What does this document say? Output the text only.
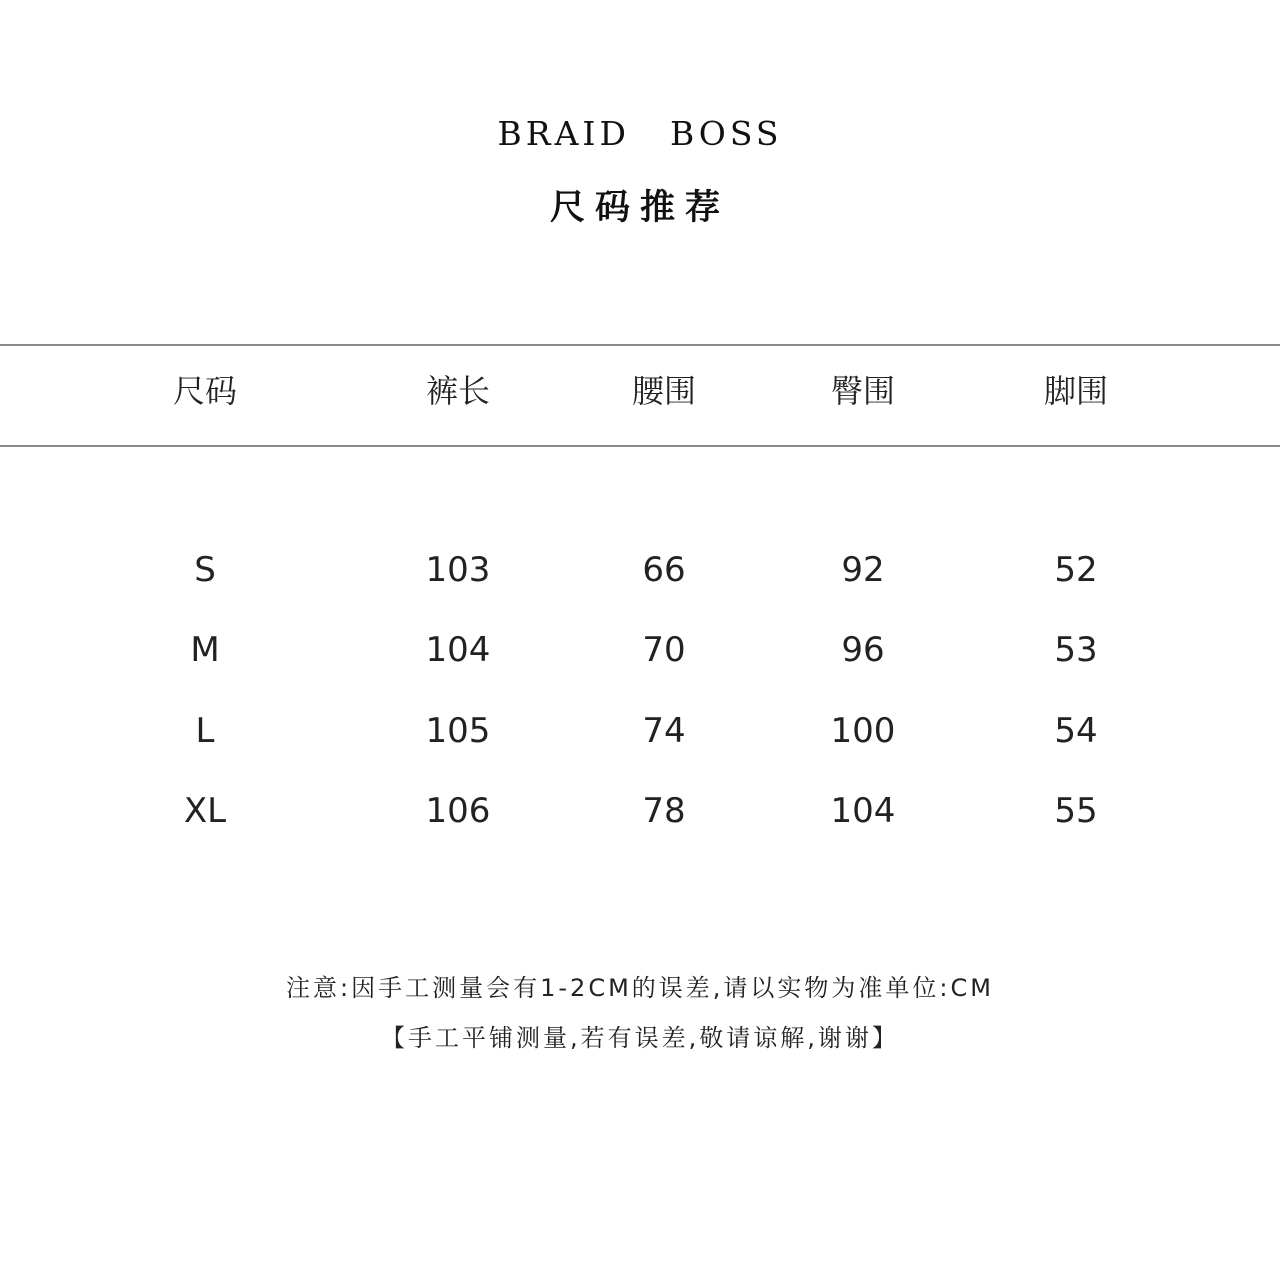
BRAID BOSS
尺码推荐
尺码	裤长	腰围	臀围	脚围
S	103	66	92	52
M	104	70	96	53
L	105	74	100	54
XL	106	78	104	55
注意:因手工测量会有1-2CM的误差,请以实物为准单位:CM
【手工平铺测量,若有误差,敬请谅解,谢谢】
